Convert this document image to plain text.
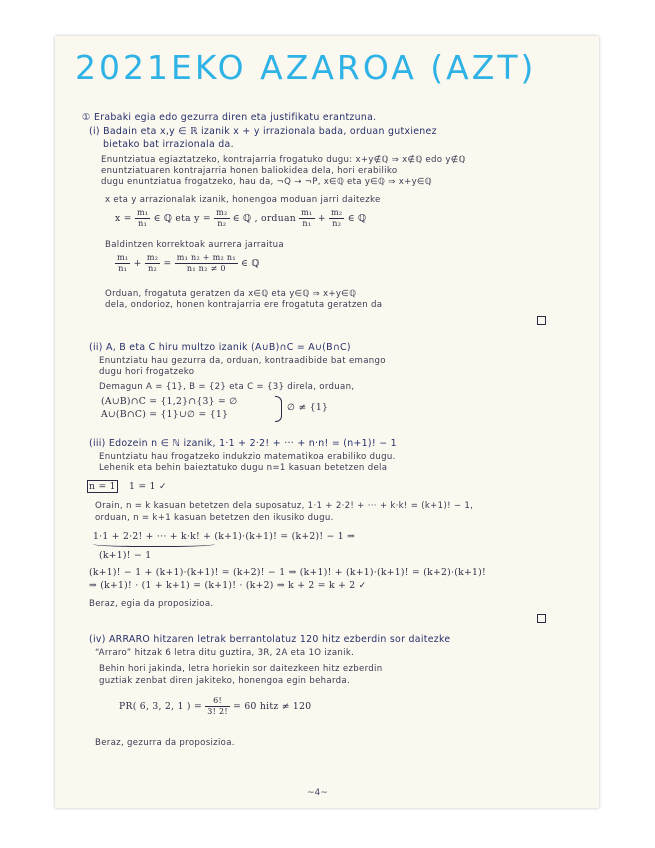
2021EKO AZAROA (AZT)
① Erabaki egia edo gezurra diren eta justifikatu erantzuna.
(i) Badain eta x,y ∈ ℝ izanik x + y irrazionala bada, orduan gutxienez
bietako bat irrazionala da.
Enuntziatua egiaztatzeko, kontrajarria frogatuko dugu: x+y∉ℚ ⇒ x∉ℚ edo y∉ℚ
enuntziatuaren kontrajarria honen baliokidea dela, hori erabiliko
dugu enuntziatua frogatzeko, hau da, ¬Q → ¬P, x∈ℚ eta y∈ℚ ⇒ x+y∈ℚ
x eta y arrazionalak izanik, honengoa moduan jarri daitezke
$x = \frac{\text{m₁}}{\text{n₁}}$ ∈ ℚ eta $y = \frac{\text{m₂}}{\text{n₂}}$ ∈ ℚ , orduan $\frac{\text{m₁}}{\text{n₁}} + \frac{\text{m₂}}{\text{n₂}}$ ∈ ℚ
Baldintzen korrektoak aurrera jarraitua
$\frac{\text{m₁}}{\text{n₁}} + \frac{\text{m₂}}{\text{n₂}} = \frac{\text{m₁ n₂ + m₂ n₁}}{\text{n₁ n₂ ≠ 0}}$ ∈ ℚ
Orduan, frogatuta geratzen da x∈ℚ eta y∈ℚ ⇒ x+y∈ℚ
dela, ondorioz, honen kontrajarria ere frogatuta geratzen da
(ii) A, B eta C hiru multzo izanik (A∪B)∩C = A∪(B∩C)
Enuntziatu hau gezurra da, orduan, kontraadibide bat emango
dugu hori frogatzeko
Demagun A = {1}, B = {2} eta C = {3} direla, orduan,
(A∪B)∩C = {1,2}∩{3} = ∅
A∪(B∩C) = {1}∪∅ = {1}
∅ ≠ {1}
(iii) Edozein n ∈ ℕ izanik, 1·1 + 2·2! + ··· + n·n! = (n+1)! − 1
Enuntziatu hau frogatzeko indukzio matematikoa erabiliko dugu.
Lehenik eta behin baieztatuko dugu n=1 kasuan betetzen dela
n = 1 1 = 1 ✓
Orain, n = k kasuan betetzen dela suposatuz, 1·1 + 2·2! + ··· + k·k! = (k+1)! − 1,
orduan, n = k+1 kasuan betetzen den ikusiko dugu.
1·1 + 2·2! + ··· + k·k! + (k+1)·(k+1)! = (k+2)! − 1 ⇒
(k+1)! − 1
(k+1)! − 1 + (k+1)·(k+1)! = (k+2)! − 1 ⇒ (k+1)! + (k+1)·(k+1)! = (k+2)·(k+1)!
⇒ (k+1)! · (1 + k+1) = (k+1)! · (k+2) ⇒ k + 2 = k + 2 ✓
Beraz, egia da proposizioa.
(iv) ARRARO hitzaren letrak berrantolatuz 120 hitz ezberdin sor daitezke
“Arraro” hitzak 6 letra ditu guztira, 3R, 2A eta 1O izanik.
Behin hori jakinda, letra horiekin sor daitezkeen hitz ezberdin
guztiak zenbat diren jakiteko, honengoa egin beharda.
PR( 6, 3, 2, 1 ) = $\frac{6!}{3! 2!} = 60$ hitz ≠ 120
Beraz, gezurra da proposizioa.
~4~
